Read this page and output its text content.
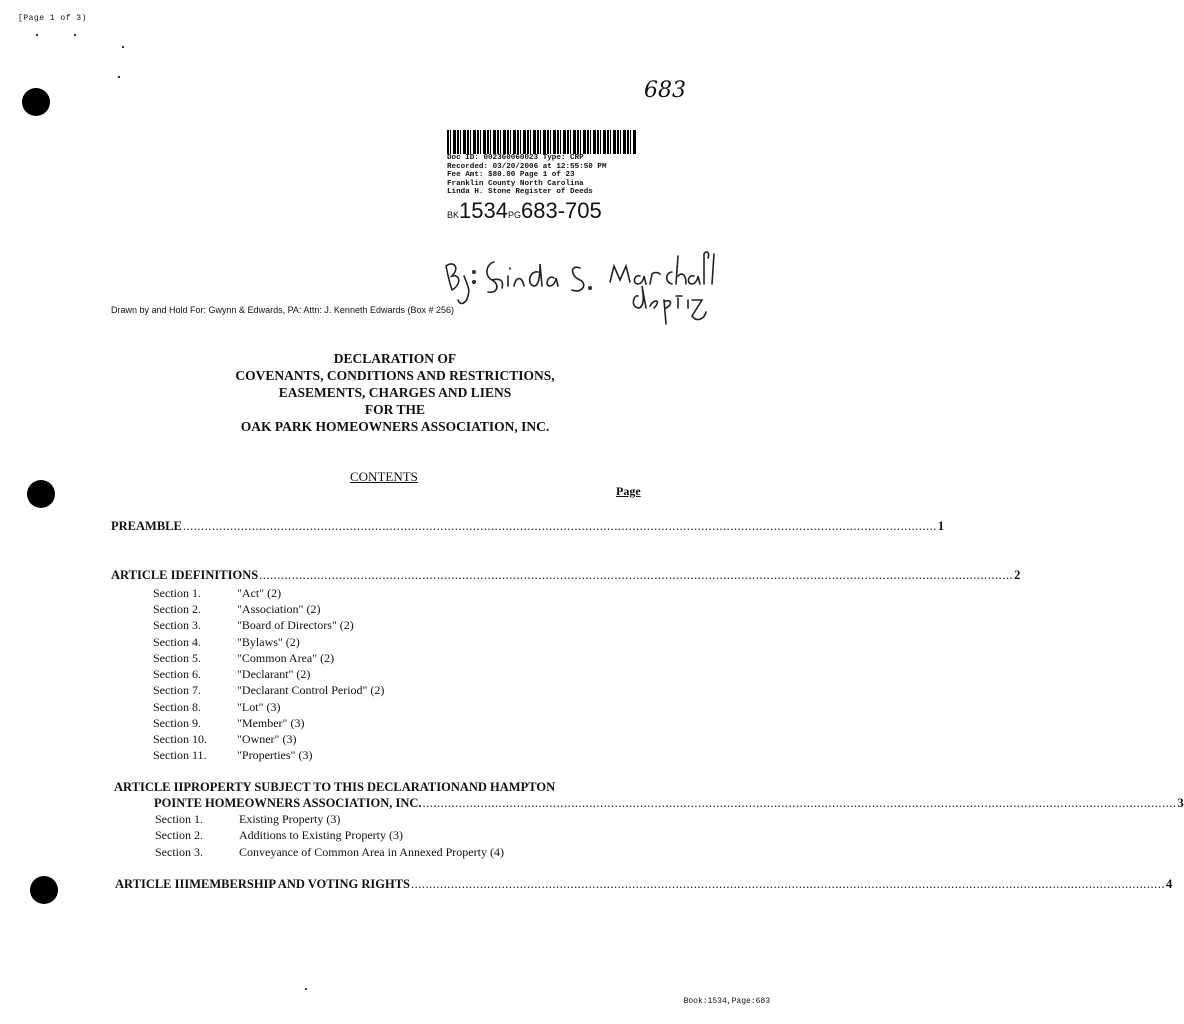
[Page 1 of 3)
683
Doc ID: 002360060023 Type: CRP
Recorded: 03/20/2006 at 12:55:50 PM
Fee Amt: $80.00 Page 1 of 23
Franklin County North Carolina
Linda H. Stone Register of Deeds
BK1534PG683-705
By: Linda S. Marshall deputy
Drawn by and Hold For: Gwynn & Edwards, PA: Attn: J. Kenneth Edwards (Box # 256)
DECLARATION OF
COVENANTS, CONDITIONS AND RESTRICTIONS,
EASEMENTS, CHARGES AND LIENS
FOR THE
OAK PARK HOMEOWNERS ASSOCIATION, INC.
CONTENTS
Page
PREAMBLE ................................................................................................................................................................................................................ 1
ARTICLE IDEFINITIONS ................................................................................................................................................................................................................ 2
Section 1.	"Act" (2)
Section 2.	"Association" (2)
Section 3.	"Board of Directors" (2)
Section 4.	"Bylaws" (2)
Section 5.	"Common Area" (2)
Section 6.	"Declarant" (2)
Section 7.	"Declarant Control Period" (2)
Section 8.	"Lot" (3)
Section 9.	"Member" (3)
Section 10.	"Owner" (3)
Section 11.	"Properties" (3)
ARTICLE IIPROPERTY SUBJECT TO THIS DECLARATIONAND HAMPTON
POINTE HOMEOWNERS ASSOCIATION, INC. ................................................................................................................................................................................................................ 3
Section 1.	Existing Property (3)
Section 2.	Additions to Existing Property (3)
Section 3.	Conveyance of Common Area in Annexed Property (4)
ARTICLE IIIMEMBERSHIP AND VOTING RIGHTS ................................................................................................................................................................................................................ 4
Book:1534,Page:683
